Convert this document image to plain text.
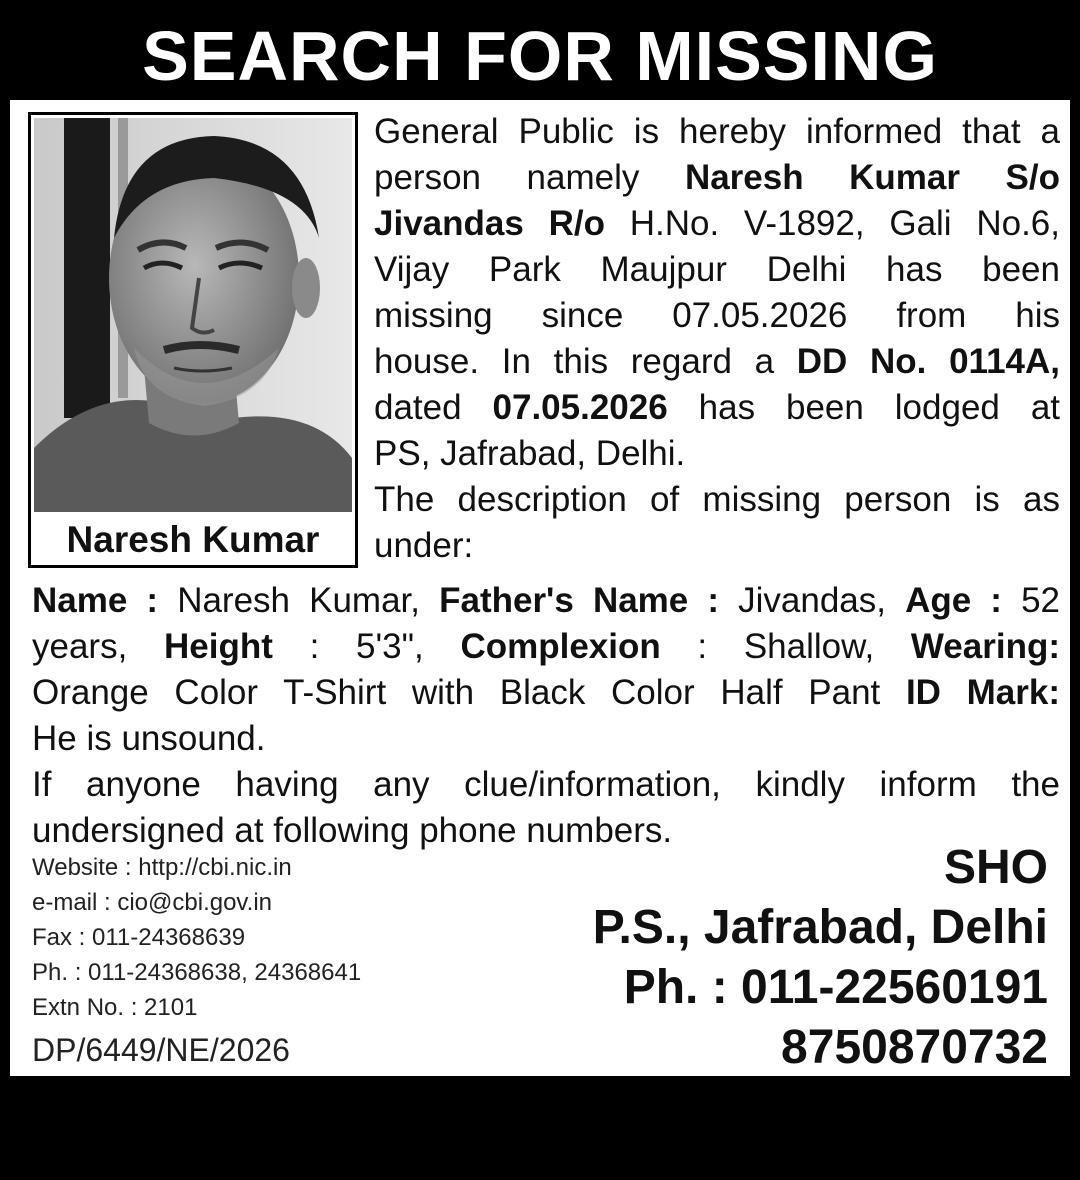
SEARCH FOR MISSING
Naresh Kumar
General Public is hereby informed that a
person namely Naresh Kumar S/o
Jivandas R/o H.No. V-1892, Gali No.6,
Vijay Park Maujpur Delhi has been
missing since 07.05.2026 from his
house. In this regard a DD No. 0114A,
dated 07.05.2026 has been lodged at
PS, Jafrabad, Delhi.
The description of missing person is as
under:
Name : Naresh Kumar, Father's Name : Jivandas, Age : 52
years, Height : 5'3", Complexion : Shallow, Wearing:
Orange Color T-Shirt with Black Color Half Pant ID Mark:
He is unsound.
If anyone having any clue/information, kindly inform the
undersigned at following phone numbers.
Website : http://cbi.nic.in
e-mail : cio@cbi.gov.in
Fax : 011-24368639
Ph. : 011-24368638, 24368641
Extn No. : 2101
DP/6449/NE/2026
SHO
P.S., Jafrabad, Delhi
Ph. : 011-22560191
8750870732
